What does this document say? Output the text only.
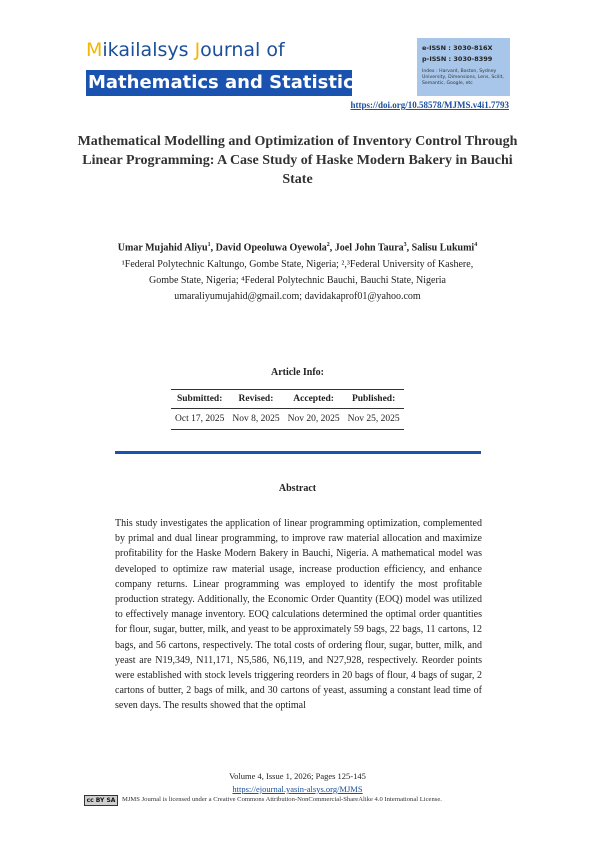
Mikailalsys Journal of
Mathematics and Statistics
e-ISSN : 3030-816X
p-ISSN : 3030-8399
Index : Harvard, Boston, Sydney University, Dimensions, Lens, Scilit, Semantic, Google, etc
https://doi.org/10.58578/MJMS.v4i1.7793
Mathematical Modelling and Optimization of Inventory Control Through Linear Programming: A Case Study of Haske Modern Bakery in Bauchi State
Umar Mujahid Aliyu$^1$, David Opeoluwa Oyewola$^2$, Joel John Taura$^3$, Salisu Lukumi$^4$
¹Federal Polytechnic Kaltungo, Gombe State, Nigeria; ²,³Federal University of Kashere,
Gombe State, Nigeria; ⁴Federal Polytechnic Bauchi, Bauchi State, Nigeria
umaraliyumujahid@gmail.com; davidakaprof01@yahoo.com
Article Info:
Submitted:	Revised:	Accepted:	Published:
Oct 17, 2025	Nov 8, 2025	Nov 20, 2025	Nov 25, 2025
Abstract
This study investigates the application of linear programming optimization, complemented by primal and dual linear programming, to improve raw material allocation and maximize profitability for the Haske Modern Bakery in Bauchi, Nigeria. A mathematical model was developed to optimize raw material usage, increase production efficiency, and enhance company returns. Linear programming was employed to identify the most profitable production strategy. Additionally, the Economic Order Quantity (EOQ) model was utilized to effectively manage inventory. EOQ calculations determined the optimal order quantities for flour, sugar, butter, milk, and yeast to be approximately 59 bags, 22 bags, 11 cartons, 12 bags, and 56 cartons, respectively. The total costs of ordering flour, sugar, butter, milk, and yeast are N19,349, N11,171, N5,586, N6,119, and N27,928, respectively. Reorder points were established with stock levels triggering reorders in 20 bags of flour, 4 bags of sugar, 2 cartons of butter, 2 bags of milk, and 30 cartons of yeast, assuming a constant lead time of seven days. The results showed that the optimal
Volume 4, Issue 1, 2026; Pages 125-145
https://ejournal.yasin-alsys.org/MJMS
cc BY SA MJMS Journal is licensed under a Creative Commons Attribution-NonCommercial-ShareAlike 4.0 International License.
